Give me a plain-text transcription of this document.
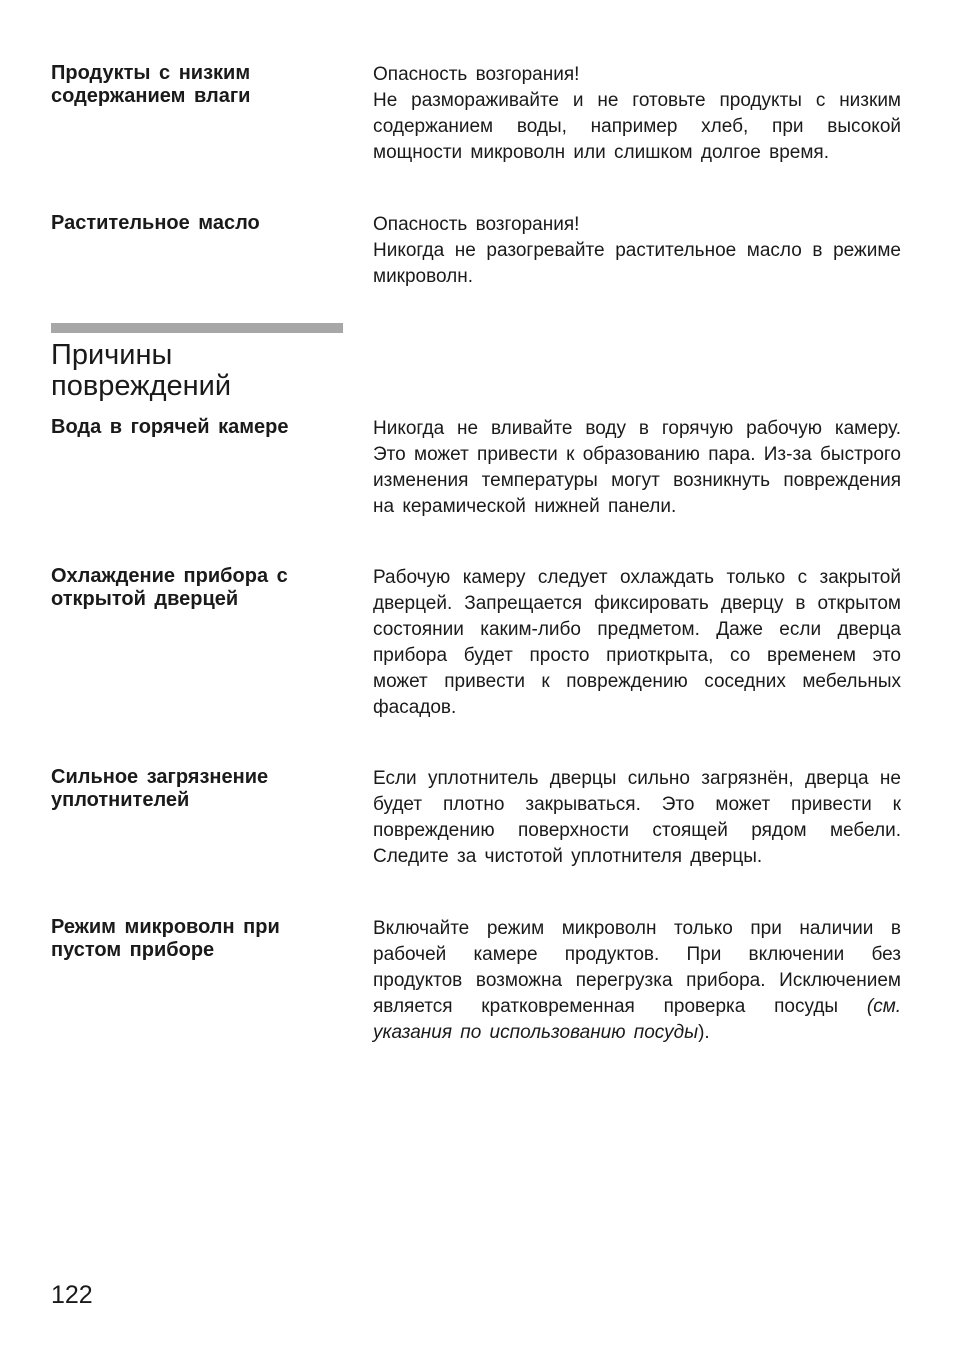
Продукты с низким содержанием влаги

Опасность возгорания!

Не размораживайте и не готовьте продукты с низким содержанием воды, например хлеб, при высокой мощности микроволн или слишком долгое время.

Растительное масло	Опасность возгорания!

Никогда не разогревайте растительное масло в режиме микроволн.

Причины повреждений
Вода в горячей камере	Никогда не вливайте воду в горячую рабочую камеру. Это может привести к образованию пара. Из-за быстрого изменения температуры могут возникнуть повреждения на керамической нижней панели.

Охлаждение прибора с открытой дверцей

Рабочую камеру следует охлаждать только с закрытой дверцей. Запрещается фиксировать дверцу в открытом состоянии каким-либо предметом. Даже если дверца прибора будет просто приоткрыта, со временем это может привести к повреждению соседних мебельных фасадов.

Сильное загрязнение уплотнителей

Если уплотнитель дверцы сильно загрязнён, дверца не будет плотно закрываться. Это может привести к повреждению поверхности стоящей рядом мебели. Следите за чистотой уплотнителя дверцы.

Режим микроволн при пустом приборе

Включайте режим микроволн только при наличии в рабочей камере продуктов. При включении без продуктов возможна перегрузка прибора. Исключением является кратковременная проверка посуды (см. указания по использованию посуды).

122
